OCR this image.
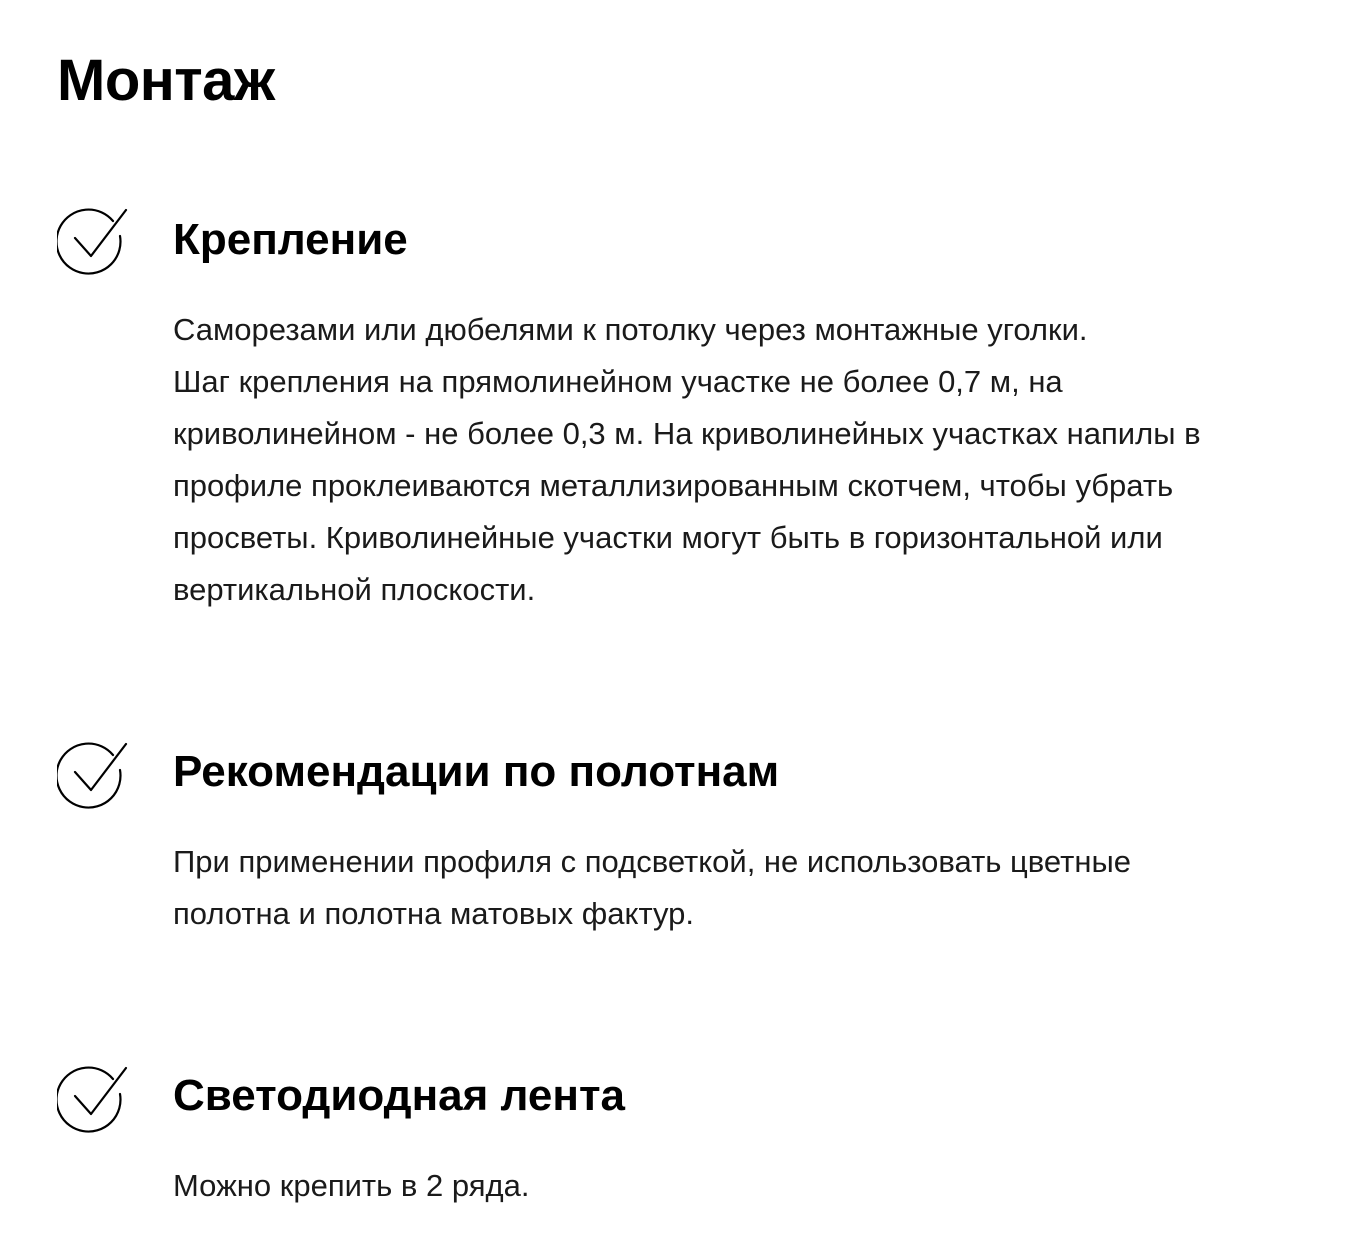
Монтаж
Крепление

Саморезами или дюбелями к потолку через монтажные уголки.
Шаг крепления на прямолинейном участке не более 0,7 м, на
криволинейном - не более 0,3 м. На криволинейных участках напилы в
профиле проклеиваются металлизированным скотчем, чтобы убрать
просветы. Криволинейные участки могут быть в горизонтальной или
вертикальной плоскости.

Рекомендации по полотнам

При применении профиля с подсветкой, не использовать цветные
полотна и полотна матовых фактур.

Светодиодная лента

Можно крепить в 2 ряда.
